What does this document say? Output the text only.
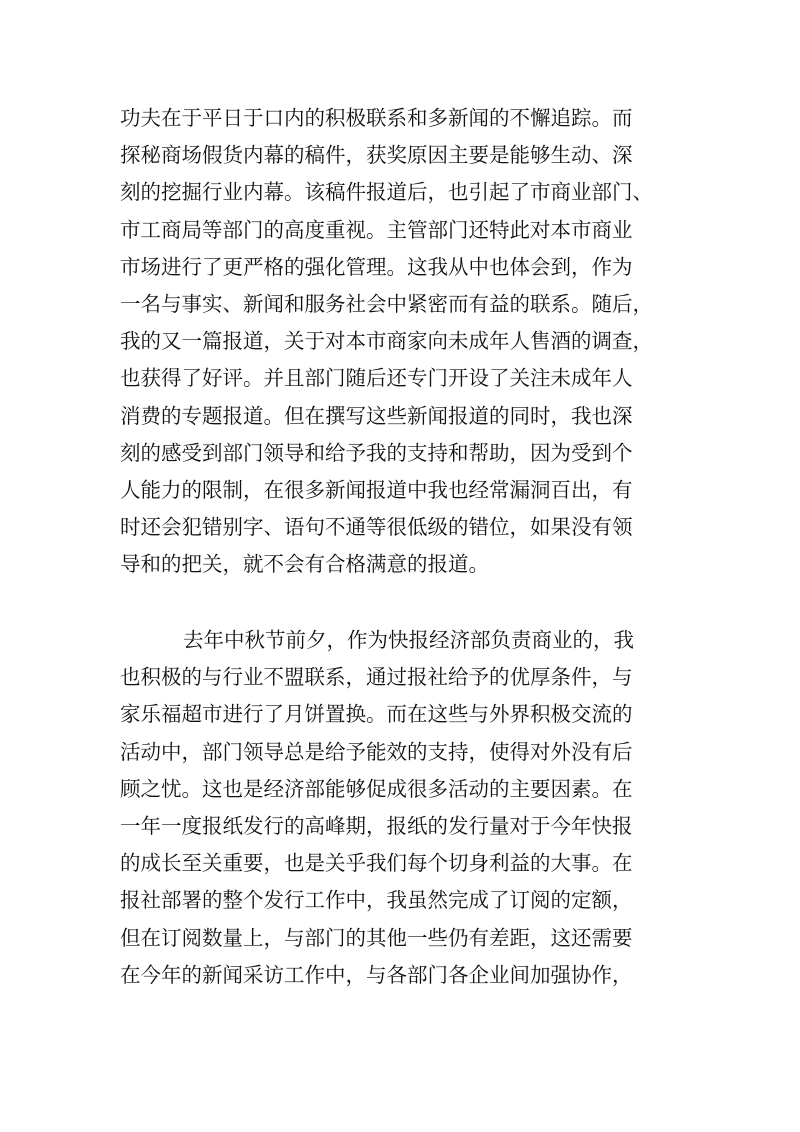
功夫在于平日于口内的积极联系和多新闻的不懈追踪。而
探秘商场假货内幕的稿件，获奖原因主要是能够生动、深
刻的挖掘行业内幕。该稿件报道后，也引起了市商业部门、
市工商局等部门的高度重视。主管部门还特此对本市商业
市场进行了更严格的强化管理。这我从中也体会到，作为
一名与事实、新闻和服务社会中紧密而有益的联系。随后，
我的又一篇报道，关于对本市商家向未成年人售酒的调查，
也获得了好评。并且部门随后还专门开设了关注未成年人
消费的专题报道。但在撰写这些新闻报道的同时，我也深
刻的感受到部门领导和给予我的支持和帮助，因为受到个
人能力的限制，在很多新闻报道中我也经常漏洞百出，有
时还会犯错别字、语句不通等很低级的错位，如果没有领
导和的把关，就不会有合格满意的报道。
去年中秋节前夕，作为快报经济部负责商业的，我
也积极的与行业不盟联系，通过报社给予的优厚条件，与
家乐福超市进行了月饼置换。而在这些与外界积极交流的
活动中，部门领导总是给予能效的支持，使得对外没有后
顾之忧。这也是经济部能够促成很多活动的主要因素。在
一年一度报纸发行的高峰期，报纸的发行量对于今年快报
的成长至关重要，也是关乎我们每个切身利益的大事。在
报社部署的整个发行工作中，我虽然完成了订阅的定额，
但在订阅数量上，与部门的其他一些仍有差距，这还需要
在今年的新闻采访工作中，与各部门各企业间加强协作，
